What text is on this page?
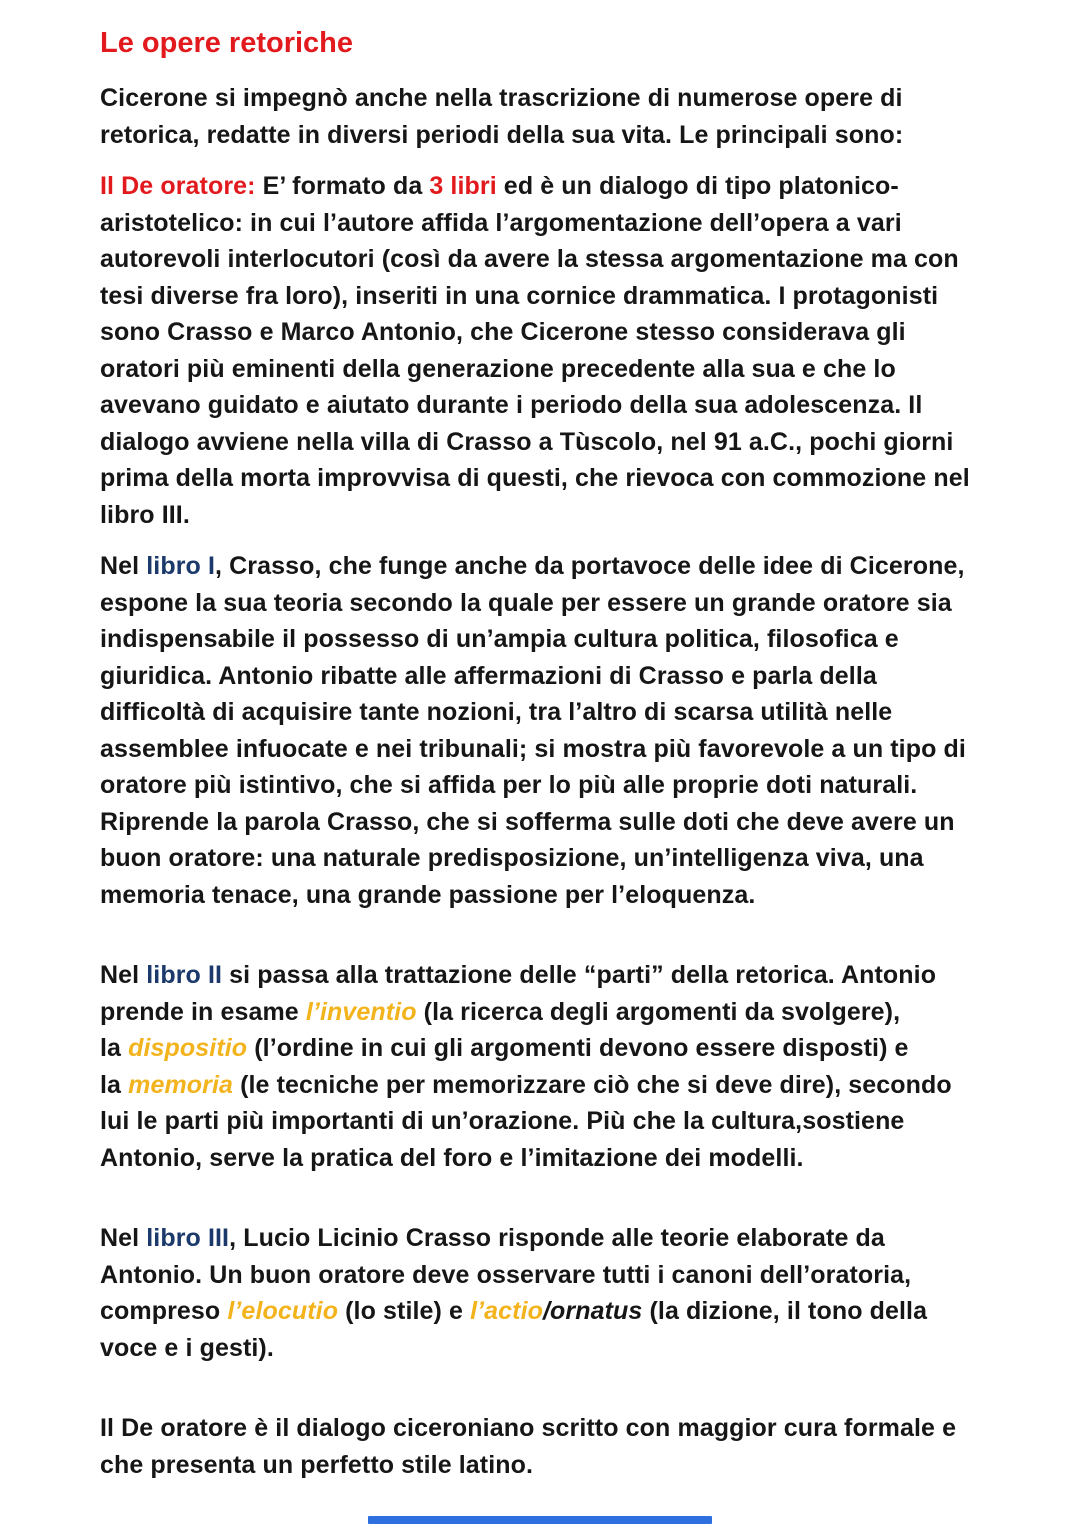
Le opere retoriche

Cicerone si impegnò anche nella trascrizione di numerose opere di retorica, redatte in diversi periodi della sua vita. Le principali sono:

Il De oratore: E’ formato da 3 libri ed è un dialogo di tipo platonico-aristotelico: in cui l’autore affida l’argomentazione dell’opera a vari autorevoli interlocutori (così da avere la stessa argomentazione ma con tesi diverse fra loro), inseriti in una cornice drammatica. I protagonisti sono Crasso e Marco Antonio, che Cicerone stesso considerava gli oratori più eminenti della generazione precedente alla sua e che lo avevano guidato e aiutato durante i periodo della sua adolescenza. Il dialogo avviene nella villa di Crasso a Tùscolo, nel 91 a.C., pochi giorni prima della morta improvvisa di questi, che rievoca con commozione nel libro III.

Nel libro I, Crasso, che funge anche da portavoce delle idee di Cicerone, espone la sua teoria secondo la quale per essere un grande oratore sia indispensabile il possesso di un’ampia cultura politica, filosofica e giuridica. Antonio ribatte alle affermazioni di Crasso e parla della difficoltà di acquisire tante nozioni, tra l’altro di scarsa utilità nelle assemblee infuocate e nei tribunali; si mostra più favorevole a un tipo di oratore più istintivo, che si affida per lo più alle proprie doti naturali. Riprende la parola Crasso, che si sofferma sulle doti che deve avere un buon oratore: una naturale predisposizione, un’intelligenza viva, una memoria tenace, una grande passione per l’eloquenza.

Nel libro II si passa alla trattazione delle “parti” della retorica. Antonio prende in esame l’inventio (la ricerca degli argomenti da svolgere),
la dispositio (l’ordine in cui gli argomenti devono essere disposti) e
la memoria (le tecniche per memorizzare ciò che si deve dire), secondo lui le parti più importanti di un’orazione. Più che la cultura,sostiene Antonio, serve la pratica del foro e l’imitazione dei modelli.

Nel libro III, Lucio Licinio Crasso risponde alle teorie elaborate da Antonio. Un buon oratore deve osservare tutti i canoni dell’oratoria, compreso l’elocutio (lo stile) e l’actio/ornatus (la dizione, il tono della voce e i gesti).

Il De oratore è il dialogo ciceroniano scritto con maggior cura formale e che presenta un perfetto stile latino.
